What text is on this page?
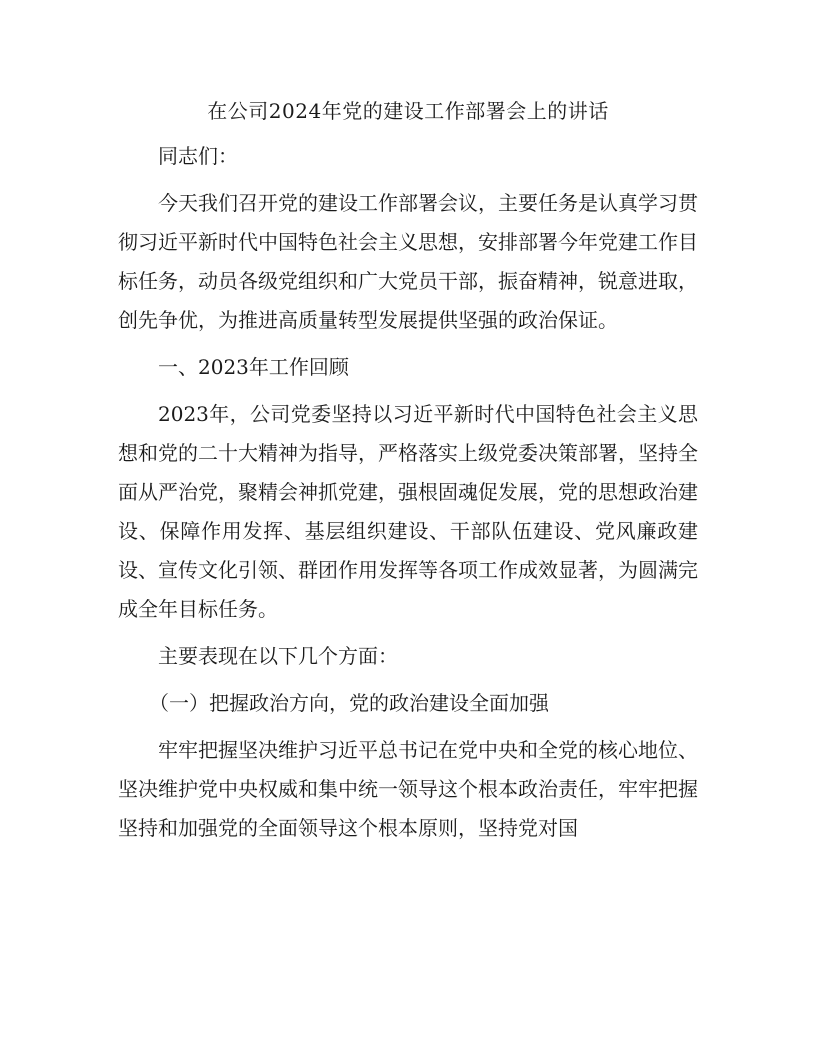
在公司2024年党的建设工作部署会上的讲话

同志们：

今天我们召开党的建设工作部署会议，主要任务是认真学习贯彻习近平新时代中国特色社会主义思想，安排部署今年党建工作目标任务，动员各级党组织和广大党员干部，振奋精神，锐意进取，创先争优，为推进高质量转型发展提供坚强的政治保证。

一、2023年工作回顾

2023年，公司党委坚持以习近平新时代中国特色社会主义思想和党的二十大精神为指导，严格落实上级党委决策部署，坚持全面从严治党，聚精会神抓党建，强根固魂促发展，党的思想政治建设、保障作用发挥、基层组织建设、干部队伍建设、党风廉政建设、宣传文化引领、群团作用发挥等各项工作成效显著，为圆满完成全年目标任务。

主要表现在以下几个方面：

（一）把握政治方向，党的政治建设全面加强

牢牢把握坚决维护习近平总书记在党中央和全党的核心地位、坚决维护党中央权威和集中统一领导这个根本政治责任，牢牢把握坚持和加强党的全面领导这个根本原则，坚持党对国
